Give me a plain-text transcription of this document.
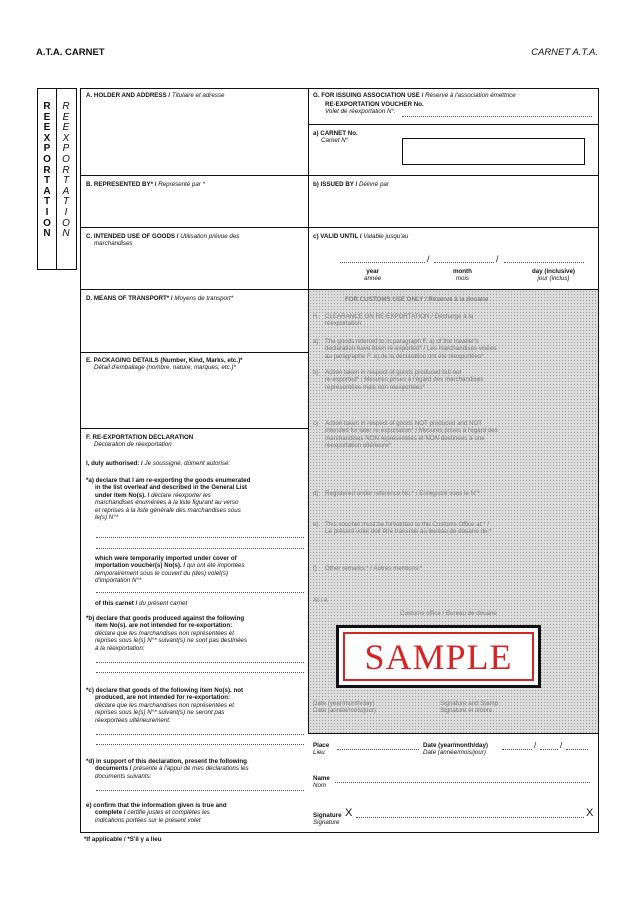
A.T.A. CARNET	CARNET A.T.A.
R
E
E
X
P
O
R
T
A
T
I
O
N
R
E
E
X
P
O
R
T
A
T
I
O
N
A. HOLDER AND ADDRESS / Titulaire et adresse
B. REPRESENTED BY* / Représenté par *
C. INTENDED USE OF GOODS / Utilisation prévue des
marchandises
G. FOR ISSUING ASSOCIATION USE / Réservé à l'association émettrice
RE-EXPORTATION VOUCHER No.
Volet de réexportation N°:
a) CARNET No.
Carnet N°
b) ISSUED BY / Délivré par
c) VALID UNTIL / Valable jusqu'au
/	/
year
année
month
mois
day (inclusive)
jour (inclus)
D. MEANS OF TRANSPORT* / Moyens de transport*
E. PACKAGING DETAILS (Number, Kind, Marks, etc.)*
Détail d'emballage (nombre, nature, marques, etc.)*
F. RE-EXPORTATION DECLARATION
Déclaration de réexportation
I, duly authorised: / Je soussigné, dûment autorisé:
*a) declare that I am re-exporting the goods enumerated
in the list overleaf and described in the General List
under item No(s). / déclare réexporter les
marchandises énumérées à la liste figurant au verso
et reprises à la liste générale des marchandises sous
le(s) N°*
which were temporarily imported under cover of
importation voucher(s) No(s). / qui ont été importées
temporairement sous le couvert du (des) volet(s)
d'importation N°*
of this carnet / du présent carnet
*b) declare that goods produced against the following
item No(s). are not intended for re-exportation:
déclare que les marchandises non représentées et
reprises sous le(s) N°* suivant(s) ne sont pas destinées
à la réexportation:
*c) declare that goods of the following item No(s). not
produced, are not intended for re-exportation:
déclare que les marchandises non représentées et
reprises sous le(s) N°* suivant(s) ne seront pas
réexportées ultérieurement:
*d) in support of this declaration, present the following
documents / présente à l'appui de mes déclarations les
documents suivants:
e) confirm that the information given is true and
complete / certifie justes et complètes les
indications portées sur le présent volet
FOR CUSTOMS USE ONLY / Réservé à la douane
H. CLEARANCE ON RE-EXPORTATION / Décharge à la
réexportation
a) The goods referred to in paragraph F. a) of the traveler's
declaration have been re-exported* / Les marchandises visées
au paragraphe F. a) de la déclaration ont été réexportées*
b) Action taken in respect of goods produced but not
re-exported* / Mesures prises à l'égard des marchandises
représentées mais non réexportées*
c) Action taken in respect of goods NOT produced and NOT
intended for later re-exportation* / Mesures prises à l'égard des
marchandises NON représentées et NON destinées à une
réexportation ultérieure*
d) Registered under reference No.* / Enregistré sous le N°*
e) This voucher must be forwarded to the Customs Office at:* /
Le présent volet doit être transmis au bureau de douane de:*
f) Other remarks:* / Autres mentions:*
At / A
Customs office / Bureau de douane
Date (year/month/day)
Date (année/mois/jour)
Signature and Stamp
Signature et timbre
SAMPLE
Place
Lieu
Date (year/month/day)
Date (année/mois/jour)
/	/
Name
Nom
Signature
Signature
X	X
*If applicable / *S'il y a lieu
